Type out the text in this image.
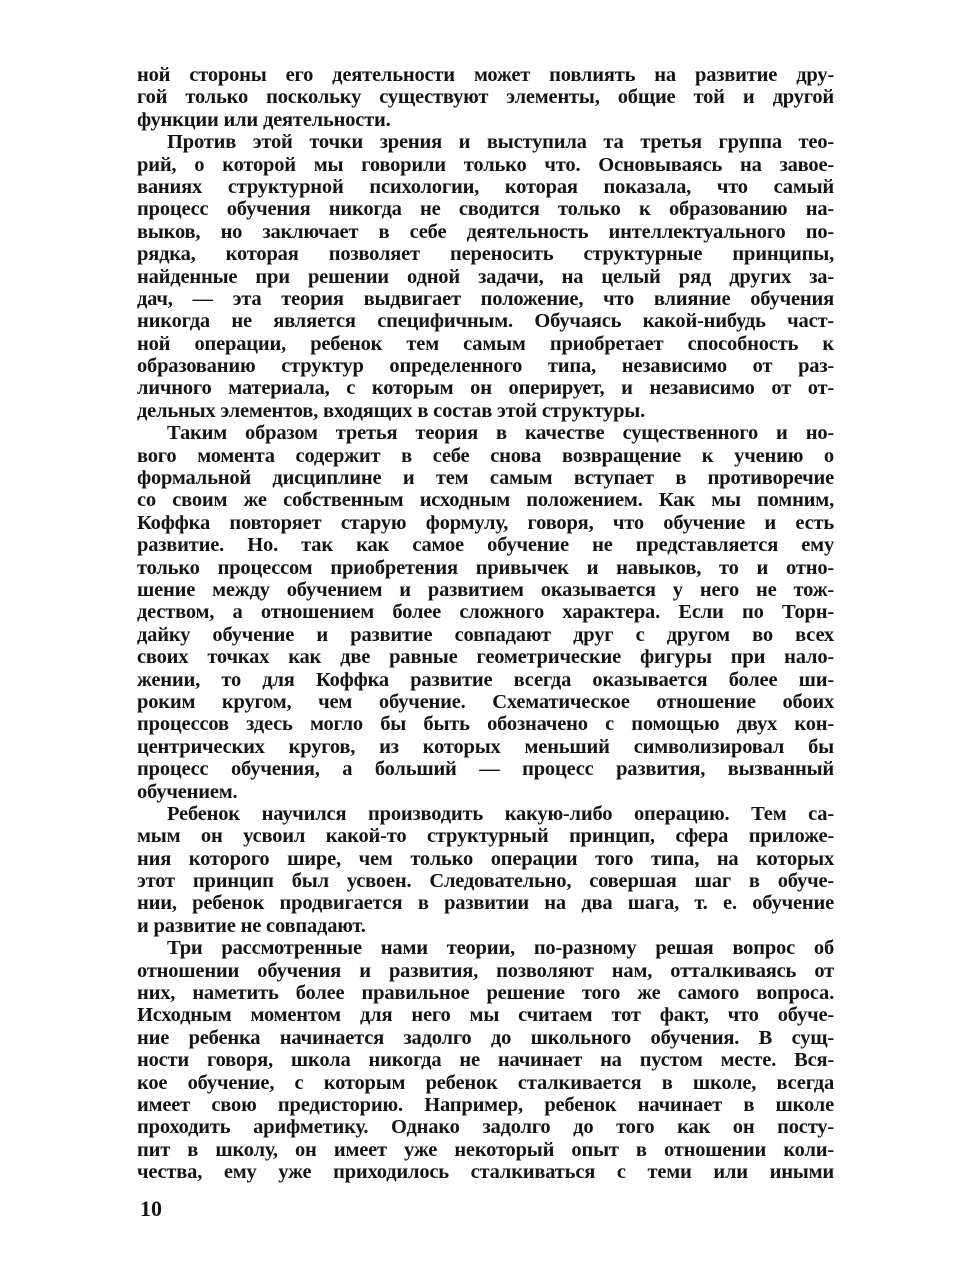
ной стороны его деятельности может повлиять на развитие дру-
гой только поскольку существуют элементы, общие той и другой
функции или деятельности.
Против этой точки зрения и выступила та третья группа тео-
рий, о которой мы говорили только что. Основываясь на завое-
ваниях структурной психологии, которая показала, что самый
процесс обучения никогда не сводится только к образованию на-
выков, но заключает в себе деятельность интеллектуального по-
рядка, которая позволяет переносить структурные принципы,
найденные при решении одной задачи, на целый ряд других за-
дач, — эта теория выдвигает положение, что влияние обучения
никогда не является специфичным. Обучаясь какой-нибудь част-
ной операции, ребенок тем самым приобретает способность к
образованию структур определенного типа, независимо от раз-
личного материала, с которым он оперирует, и независимо от от-
дельных элементов, входящих в состав этой структуры.
Таким образом третья теория в качестве существенного и но-
вого момента содержит в себе снова возвращение к учению о
формальной дисциплине и тем самым вступает в противоречие
со своим же собственным исходным положением. Как мы помним,
Коффка повторяет старую формулу, говоря, что обучение и есть
развитие. Но. так как самое обучение не представляется ему
только процессом приобретения привычек и навыков, то и отно-
шение между обучением и развитием оказывается у него не тож-
деством, а отношением более сложного характера. Если по Торн-
дайку обучение и развитие совпадают друг с другом во всех
своих точках как две равные геометрические фигуры при нало-
жении, то для Коффка развитие всегда оказывается более ши-
роким кругом, чем обучение. Схематическое отношение обоих
процессов здесь могло бы быть обозначено с помощью двух кон-
центрических кругов, из которых меньший символизировал бы
процесс обучения, а больший — процесс развития, вызванный
обучением.
Ребенок научился производить какую-либо операцию. Тем са-
мым он усвоил какой-то структурный принцип, сфера приложе-
ния которого шире, чем только операции того типа, на которых
этот принцип был усвоен. Следовательно, совершая шаг в обуче-
нии, ребенок продвигается в развитии на два шага, т. е. обучение
и развитие не совпадают.
Три рассмотренные нами теории, по-разному решая вопрос об
отношении обучения и развития, позволяют нам, отталкиваясь от
них, наметить более правильное решение того же самого вопроса.
Исходным моментом для него мы считаем тот факт, что обуче-
ние ребенка начинается задолго до школьного обучения. В сущ-
ности говоря, школа никогда не начинает на пустом месте. Вся-
кое обучение, с которым ребенок сталкивается в школе, всегда
имеет свою предисторию. Например, ребенок начинает в школе
проходить арифметику. Однако задолго до того как он посту-
пит в школу, он имеет уже некоторый опыт в отношении коли-
чества, ему уже приходилось сталкиваться с теми или иными
10
